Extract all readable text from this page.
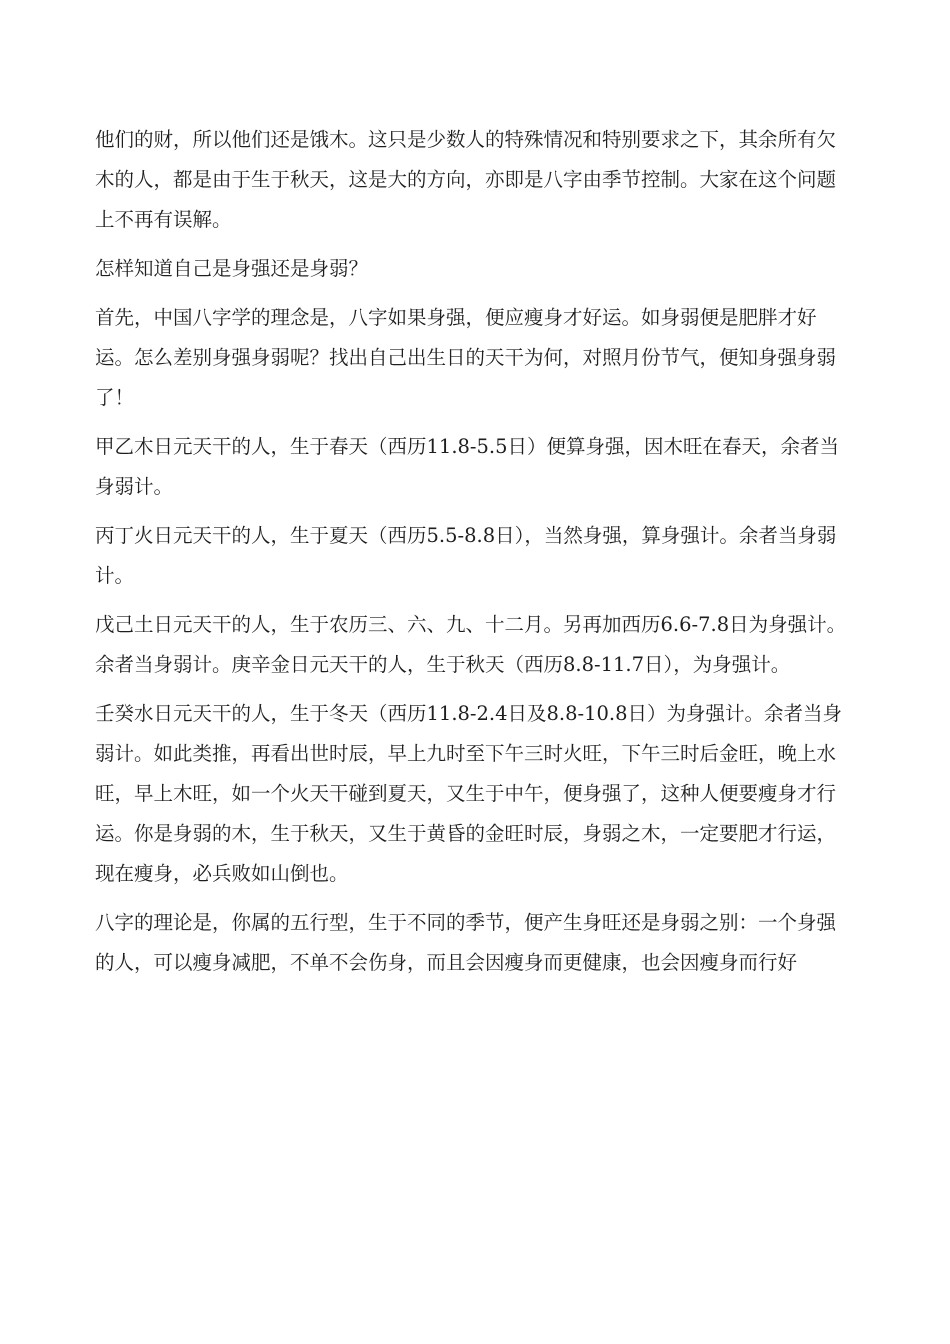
他们的财，所以他们还是饿木。这只是少数人的特殊情况和特别要求之下，其余所有欠木的人，都是由于生于秋天，这是大的方向，亦即是八字由季节控制。大家在这个问题上不再有误解。

怎样知道自己是身强还是身弱？

首先，中国八字学的理念是，八字如果身强，便应瘦身才好运。如身弱便是肥胖才好运。怎么差别身强身弱呢？找出自己出生日的天干为何，对照月份节气，便知身强身弱了！

甲乙木日元天干的人，生于春天（西历11.8-5.5日）便算身强，因木旺在春天，余者当身弱计。

丙丁火日元天干的人，生于夏天（西历5.5-8.8日），当然身强，算身强计。余者当身弱计。

戊己土日元天干的人，生于农历三、六、九、十二月。另再加西历6.6-7.8日为身强计。余者当身弱计。庚辛金日元天干的人，生于秋天（西历8.8-11.7日），为身强计。

壬癸水日元天干的人，生于冬天（西历11.8-2.4日及8.8-10.8日）为身强计。余者当身弱计。如此类推，再看出世时辰，早上九时至下午三时火旺，下午三时后金旺，晚上水旺，早上木旺，如一个火天干碰到夏天，又生于中午，便身强了，这种人便要瘦身才行运。你是身弱的木，生于秋天，又生于黄昏的金旺时辰，身弱之木，一定要肥才行运，现在瘦身，必兵败如山倒也。

八字的理论是，你属的五行型，生于不同的季节，便产生身旺还是身弱之别：一个身强的人，可以瘦身减肥，不单不会伤身，而且会因瘦身而更健康，也会因瘦身而行好
